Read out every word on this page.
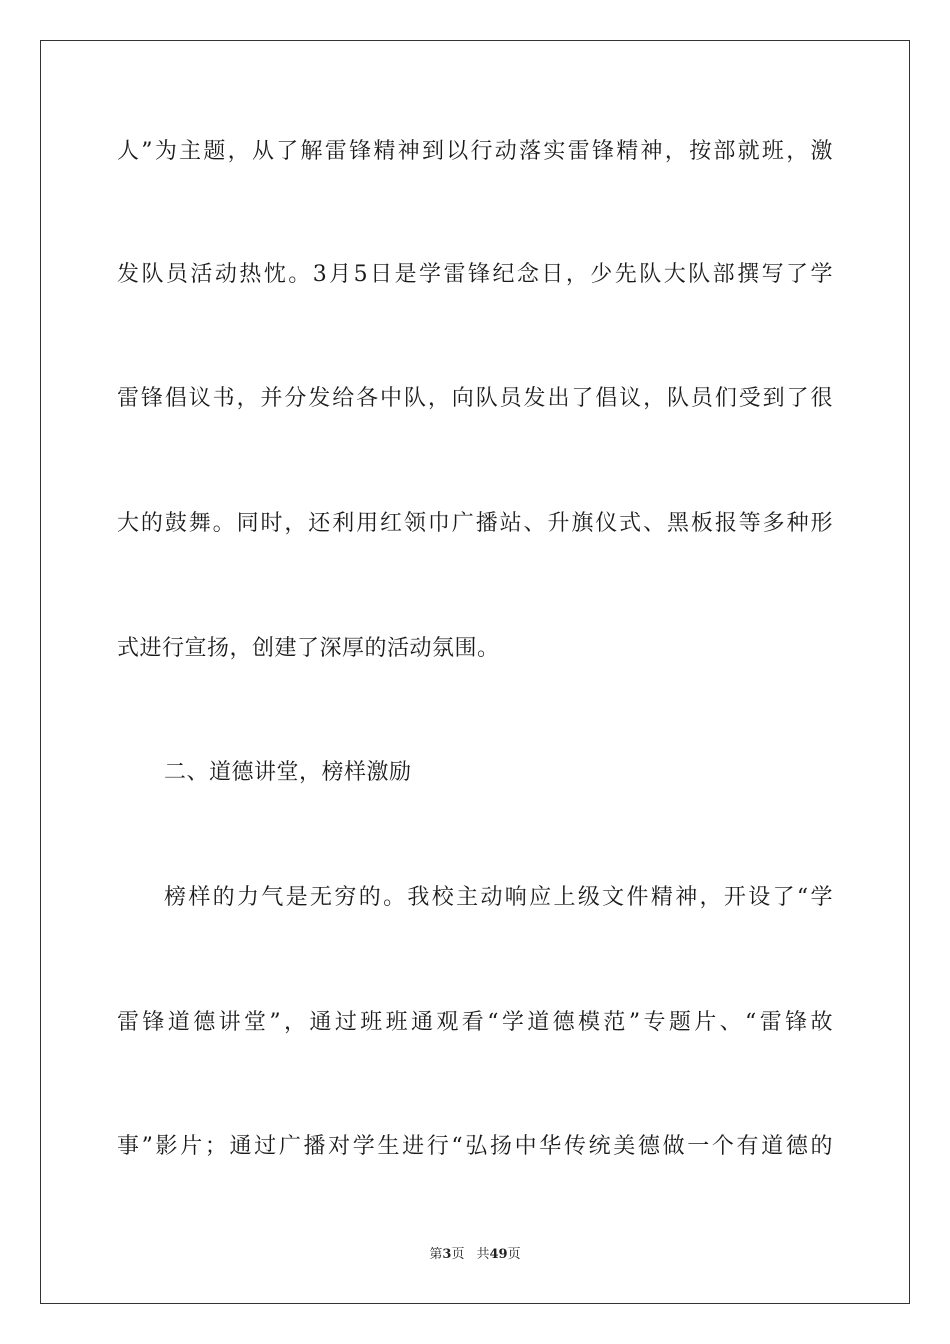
人”为主题，从了解雷锋精神到以行动落实雷锋精神，按部就班，激
发队员活动热忱。3月5日是学雷锋纪念日，少先队大队部撰写了学
雷锋倡议书，并分发给各中队，向队员发出了倡议，队员们受到了很
大的鼓舞。同时，还利用红领巾广播站、升旗仪式、黑板报等多种形
式进行宣扬，创建了深厚的活动氛围。
二、道德讲堂，榜样激励
榜样的力气是无穷的。我校主动响应上级文件精神，开设了“学
雷锋道德讲堂”，通过班班通观看“学道德模范”专题片、“雷锋故
事”影片；通过广播对学生进行“弘扬中华传统美德做一个有道德的
第3页 共49页
